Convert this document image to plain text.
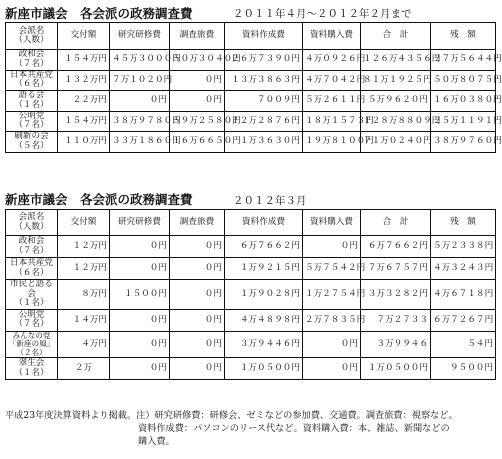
新座市議会　各会派の政務調査費	２０１１年４月～２０１２年２月まで
会派名
（人数）	交付額	研究研修費	調査旅費	資料作成費	資料購入費	合　計	残　額
政和会
（７名）	１５４万円	４５万３０００円	５０万３０４０円	２６万７３９０円	４万０９２６円	１２６万４３５６円	２７万５６４４円
日本共産党
（６名）	１３２万円	７万１０２０円	０円	１３万３８６３円	４万７０４２円	８１万１９２５円	５０万８０７５円
語る会
（１名）	２２万円	０円	０円	７００９円	５万２６１１円	５万９６２０円	１６万０３８０円
公明党
（７名）	１５４万円	３８万９７８０円	５９万２５８０円	１２万２８７６円	１８万１５７３円	１２８万８８０９円	２５万１１９１円
刷新の会
（５名）	１１０万円	３３万１８６０円	１６万６６５０円	１万３６３０円	１９万８１００円	７１万０２４０円	３８万９７６０円
新座市議会　各会派の政務調査費	２０１２年３月
会派名
（人数）	交付額	研究研修費	調査旅費	資料作成費	資料購入費	合　計	残　額
政和会
（７名）	１２万円	０円	０円	６万７６６２円	０円	６万７６６２円	５万２３３８円
日本共産党
（６名）	１２万円	０円	０円	１万９２１５円	５万７５４２円	７万６７５７円	４万３２４３円
市民と語る会
（１名）	８万円	１５００円	０円	１万９０２８円	１万２７５４円	３万３２８２円	４万６７１８円
公明党
（７名）	１４万円	０円	０円	４万４８９８円	２万７８３５円	７万２７３３	６万７２６７円
みんなの党
「新座の風」（２名）	４万円	０円	０円	３万９４４６円	０円	３万９９４６	５４円
翠生会
（１名）	２万	０円	０円	１万０５００円	０円	１万０５００円	９５００円
平成23年度決算資料より掲載。注）研究研修費：研修会、ゼミなどの参加費、交通費。調査旅費：視察など。
資料作成費：パソコンのリース代など。資料購入費：本、雑誌、新聞などの
購入費。
